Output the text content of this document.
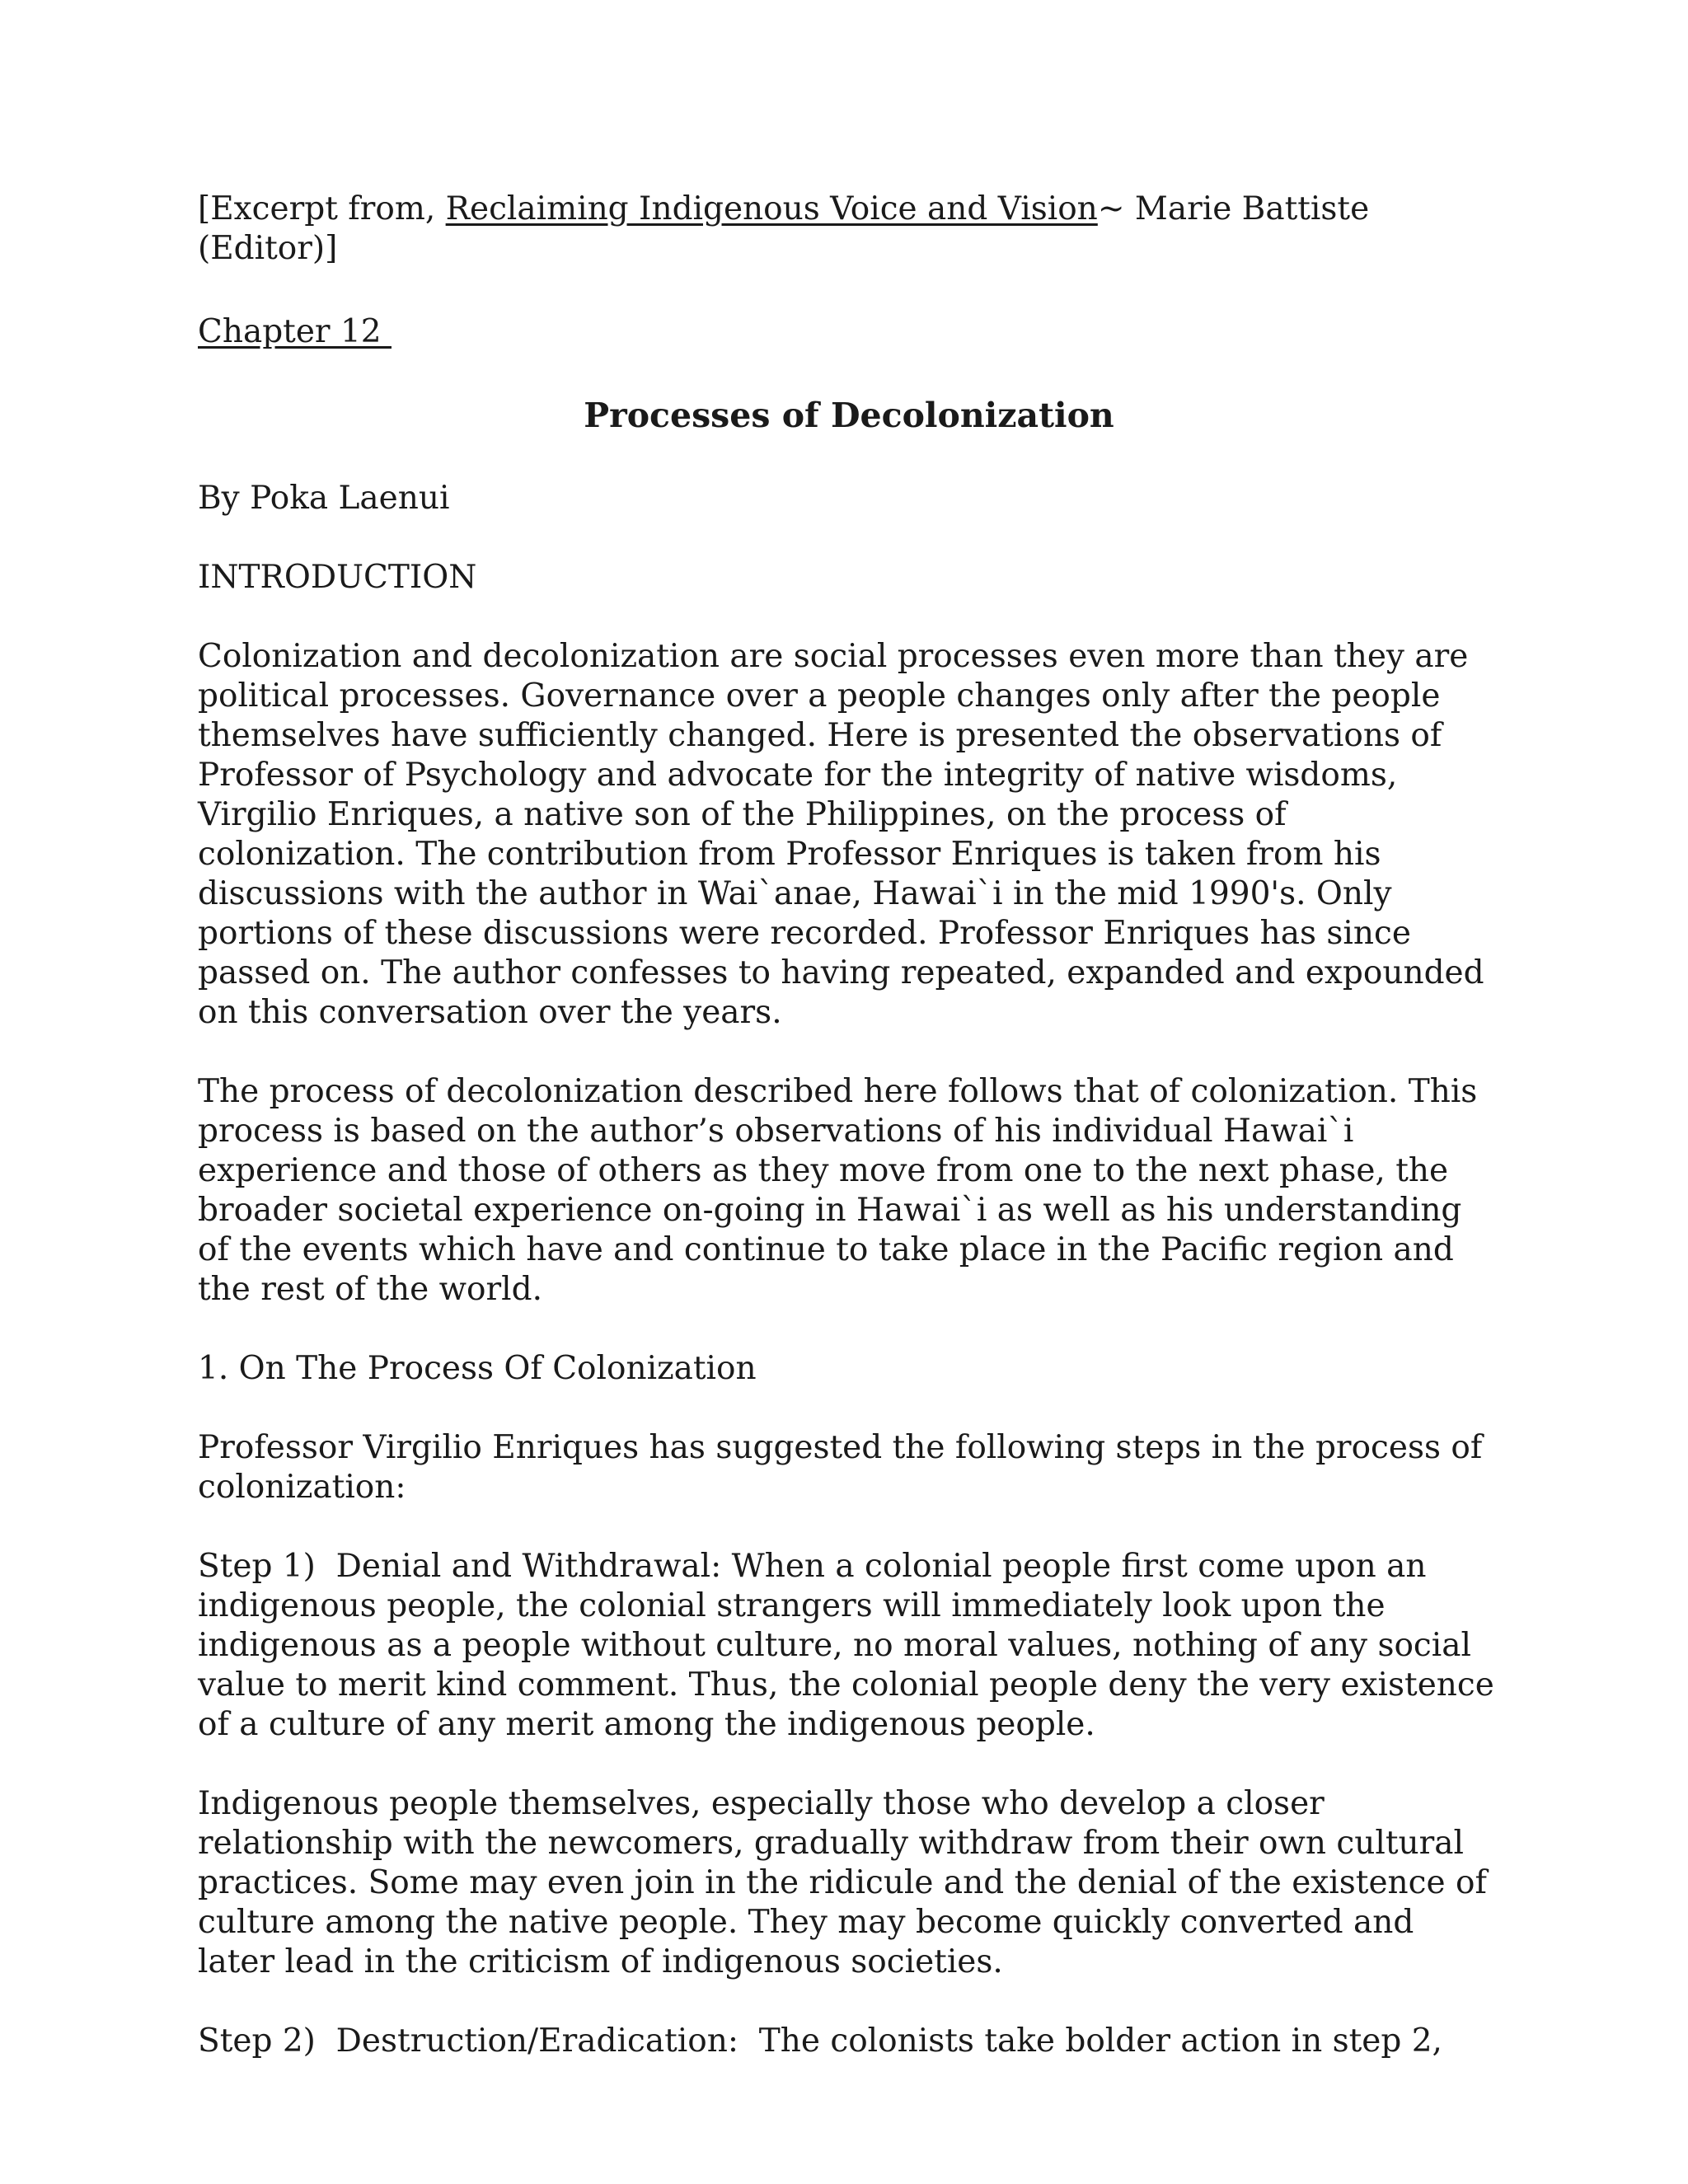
[Excerpt from, Reclaiming Indigenous Voice and Vision~ Marie Battiste (Editor)]

Chapter 12

Processes of Decolonization

By Poka Laenui

INTRODUCTION

Colonization and decolonization are social processes even more than they are political processes. Governance over a people changes only after the people themselves have sufficiently changed. Here is presented the observations of Professor of Psychology and advocate for the integrity of native wisdoms, Virgilio Enriques, a native son of the Philippines, on the process of colonization. The contribution from Professor Enriques is taken from his discussions with the author in Wai`anae, Hawai`i in the mid 1990's. Only portions of these discussions were recorded. Professor Enriques has since passed on. The author confesses to having repeated, expanded and expounded on this conversation over the years.

The process of decolonization described here follows that of colonization. This process is based on the author’s observations of his individual Hawai`i experience and those of others as they move from one to the next phase, the broader societal experience on-going in Hawai`i as well as his understanding of the events which have and continue to take place in the Pacific region and the rest of the world.

1. On The Process Of Colonization

Professor Virgilio Enriques has suggested the following steps in the process of colonization:

Step 1)  Denial and Withdrawal: When a colonial people first come upon an indigenous people, the colonial strangers will immediately look upon the indigenous as a people without culture, no moral values, nothing of any social value to merit kind comment. Thus, the colonial people deny the very existence of a culture of any merit among the indigenous people.

Indigenous people themselves, especially those who develop a closer relationship with the newcomers, gradually withdraw from their own cultural practices. Some may even join in the ridicule and the denial of the existence of culture among the native people. They may become quickly converted and later lead in the criticism of indigenous societies.

Step 2)  Destruction/Eradication:  The colonists take bolder action in step 2,
